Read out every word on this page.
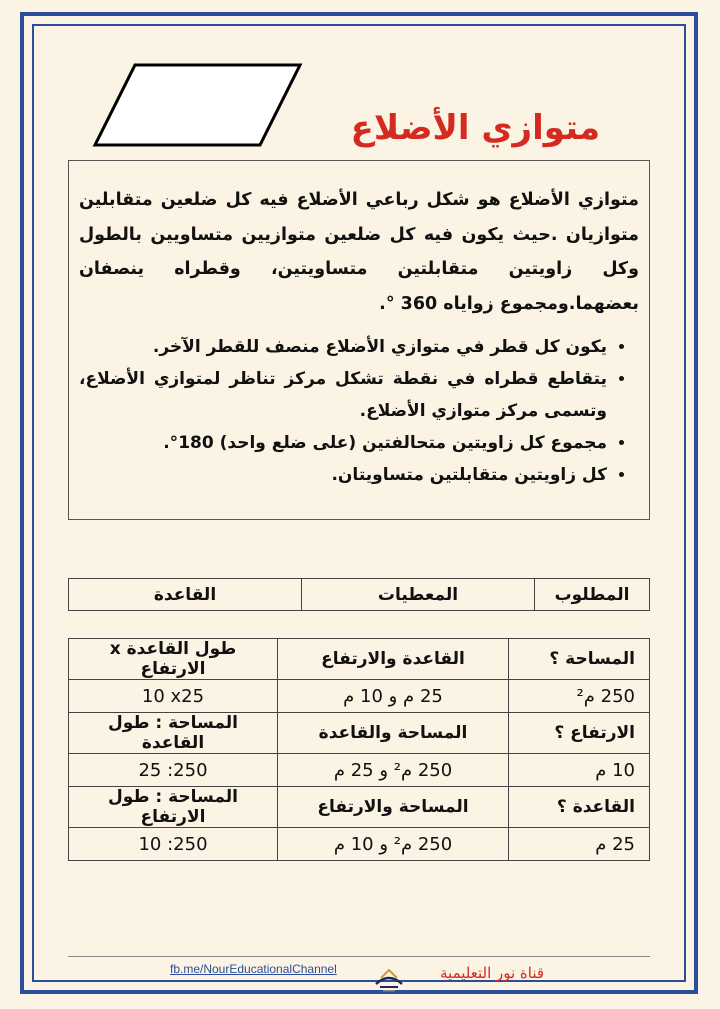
متوازي الأضلاع

متوازي الأضلاع هو شكل رباعي الأضلاع فيه كل ضلعين متقابلين متوازيان .حيث يكون فيه كل ضلعين متوازيين متساويين بالطول وكل زاويتين متقابلتين متساويتين، وقطراه ينصفان بعضهما.ومجموع زواياه 360 °.

• يكون كل قطر في متوازي الأضلاع منصف للقطر الآخر.
• يتقاطع قطراه في نقطة تشكل مركز تناظر لمتوازي الأضلاع، وتسمى مركز متوازي الأضلاع.
• مجموع كل زاويتين متحالفتين (على ضلع واحد) 180°.
• كل زاويتين متقابلتين متساويتان.
المطلوب	المعطيات	القاعدة
المساحة ؟	القاعدة والارتفاع	طول القاعدة x الارتفاع
250 م²	25 م و 10 م	10 x25
الارتفاع ؟	المساحة والقاعدة	المساحة : طول القاعدة
10 م	250 م² و 25 م	25 :250
القاعدة ؟	المساحة والارتفاع	المساحة : طول الارتفاع
25 م	250 م² و 10 م	10 :250
fb.me/NourEducationalChannel	قناة نور التعليمية
